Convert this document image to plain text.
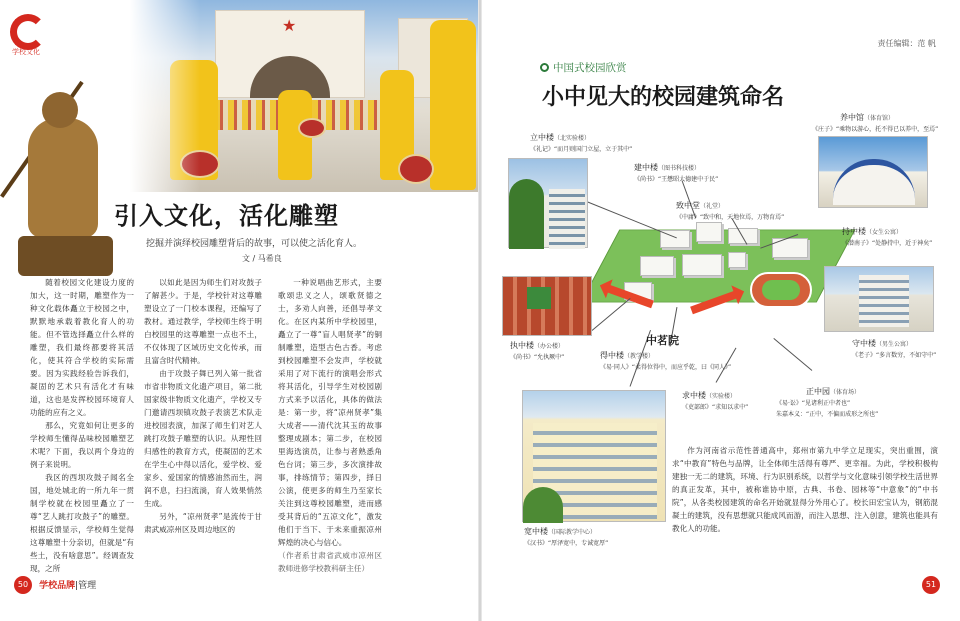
学校文化
★
引入文化，活化雕塑
挖掘并演绎校园雕塑背后的故事，可以使之活化育人。
文 / 马希良

随着校园文化建设力度的加大，这一时期，雕塑作为一种文化载体矗立于校园之中，默默地承载着教化育人的功能。但不管选择矗立什么样的雕塑，我们最终都要将其活化，使其符合学校的实际需要。因为实践经验告诉我们，凝固的艺术只有活化才有味道，这也是发挥校园环境育人功能的应有之义。

那么，究竟如何让更多的学校师生懂得品味校园雕塑艺术呢？下面，我以两个身边的例子来说明。

我区的西坝攻鼓子闻名全国，地处城北的一所九年一贯制学校就在校园里矗立了一尊“艺人跳打攻鼓子”的雕塑。根据反馈显示，学校师生觉得这尊雕塑十分亲切，但就是“有些土，没有啥意思”。经调查发现，之所

以如此是因为师生们对攻鼓子了解甚少。于是，学校针对这尊雕塑设立了一门校本课程，还编写了教材。通过教学，学校师生终于明白校园里的这尊雕塑一点也不土，不仅体现了区域历史文化传承，而且富含时代精神。

由于攻鼓子舞已列入第一批省市省非物质文化遗产项目，第二批国家级非物质文化遗产，学校又专门邀请西坝镇攻鼓子表演艺术队走进校园表演，加深了师生们对艺人跳打攻鼓子雕塑的认识。从理性回归感性的教育方式，使凝固的艺术在学生心中得以活化，爱学校、爱家乡、爱国家的情感油然而生，润润不息，扫扫流淌，育人效果悄然生成。

另外，“凉州贤孝”是流传于甘肃武威凉州区及周边地区的

一种说唱曲艺形式，主要歌颂忠义之人，颂歌贤德之士，多劝人向善，还倡导孝文化。在区内某所中学校园里，矗立了一尊“盲人唱贤孝”的铜制雕塑，造型古色古香。考虑到校园雕塑不会发声，学校就采用了对下流行的演唱会形式将其活化，引导学生对校园剧方式来予以活化，具体的做法是：第一步，将“凉州贤孝”集大成者——清代沈其玉的故事整理成剧本；第二步，在校园里海选演员，让参与者熟悉角色台词；第三步，多次演排故事，排练情节；第四步，择日公演，使更多的师生乃至家长关注到这尊校园雕塑，进而感受其背后的“五凉文化”，激发他们于当下、于未来重振凉州辉煌的决心与信心。

（作者系甘肃省武威市凉州区教师进修学校教科研主任）

50 学校品牌|管理
责任编辑：范 帆
中国式校园欣赏
小中见大的校园建筑命名
立中楼（北实验楼）
《礼记》“而月则国门立屋，立于其中”
建中楼（图书科技楼）
《尚书》“王懋昭大德建中于民”
致中堂（礼堂）
《中庸》“致中和，天地位焉，万物育焉”
养中馆（体育馆）
《庄子》“乘物以游心，托不得已以养中，至焉”
持中楼（女生公寓）
《潜南子》“处静持中，近于神矣”
执中楼（办公楼）
《尚书》“允执厥中”
守中楼（男生公寓）
《老子》“多言数穷，不如守中”
得中楼（教学楼）
《易·同人》“柔得位得中，而应乎乾，曰《同人》”
求中楼（实验楼）
《吏部郎》“求知以求中”
正中园（体育场）
《易·讼》“见诸利正中者也”
朱嘉本义：“正中，不偏而成形之所也”
宽中楼（国际教学中心）
《汉书》“厚泽宽中，专诚宽厚”
中茗院

作为河南省示范性普通高中，郑州市第九中学立足现实，突出重围，演求“中教育”特色与品牌，让全体师生活得有尊严、更幸福。为此，学校积极构建独一无二的建筑，环境、行为识别系统，以哲学与文化意味引领学校生活世界的真正发革，其中，被称谁协中原，古典、书卷、园林等“中意象”的“中书院”，从各类校园建筑的命名开始就显得分外用心了。校长田宏宝认为，钢筋混凝土的建筑，没有思想就只能成风而游，而注入思想、注入创意，建筑也能具有教化人的功能。

51
